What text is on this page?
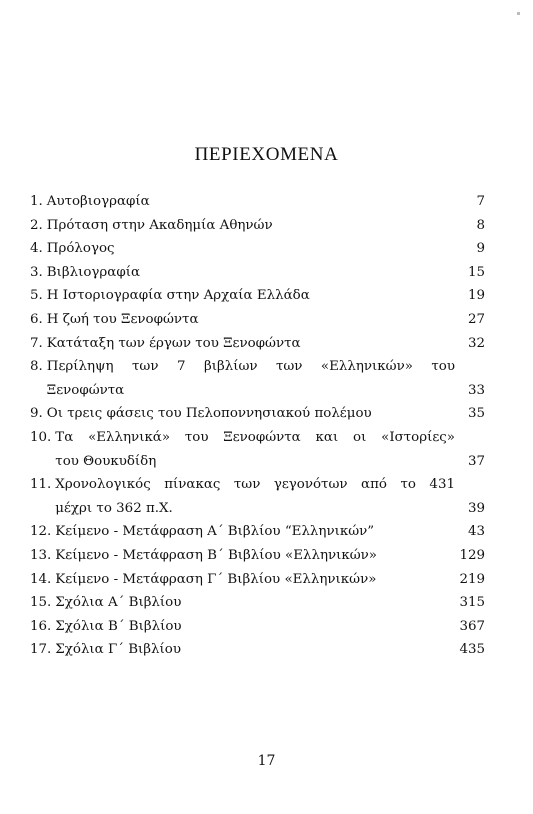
ΠΕΡΙΕΧΟΜΕΝΑ
1. Αυτοβιογραφία	7
2. Πρόταση στην Ακαδημία Αθηνών	8
4. Πρόλογος	9
3. Βιβλιογραφία	15
5. Η Ιστοριογραφία στην Αρχαία Ελλάδα	19
6. Η ζωή του Ξενοφώντα	27
7. Κατάταξη των έργων του Ξενοφώντα	32
8. Περίληψη των 7 βιβλίων των «Ελληνικών» του
Ξενοφώντα	33
9. Οι τρεις φάσεις του Πελοποννησιακού πολέμου	35
10. Τα «Ελληνικά» του Ξενοφώντα και οι «Ιστορίες»
του Θουκυδίδη	37
11. Χρονολογικός πίνακας των γεγονότων από το 431
μέχρι το 362 π.Χ.	39
12. Κείμενο - Μετάφραση Α΄ Βιβλίου “Ελληνικών”	43
13. Κείμενο - Μετάφραση Β΄ Βιβλίου «Ελληνικών»	129
14. Κείμενο - Μετάφραση Γ΄ Βιβλίου «Ελληνικών»	219
15. Σχόλια Α΄ Βιβλίου	315
16. Σχόλια Β΄ Βιβλίου	367
17. Σχόλια Γ΄ Βιβλίου	435
17
